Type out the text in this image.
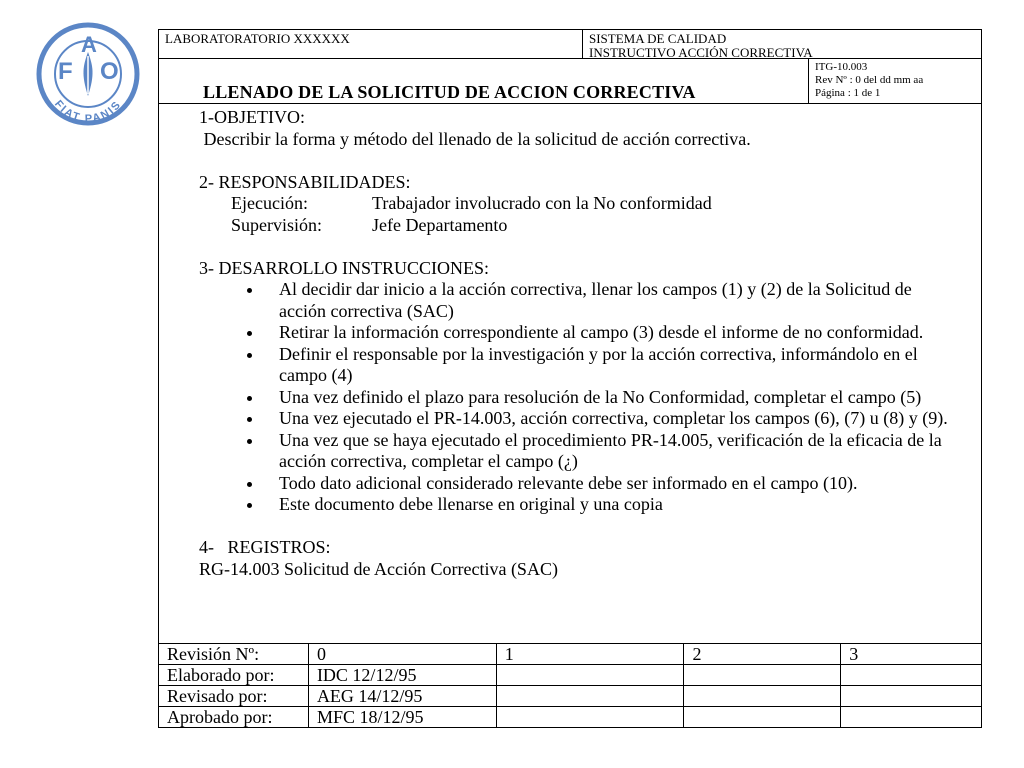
F
A
O
FIAT PANIS
LABORATORATORIO XXXXXX	SISTEMA DE CALIDAD
INSTRUCTIVO ACCIÓN CORRECTIVA
LLENADO DE LA SOLICITUD DE ACCION CORRECTIVA
ITG-10.003
Rev Nº : 0 del dd mm aa
Página : 1 de 1

1-OBJETIVO:

Describir la forma y método del llenado de la solicitud de acción correctiva.

2- RESPONSABILIDADES:

Ejecución:	Trabajador involucrado con la No conformidad
Supervisión:	Jefe Departamento

3- DESARROLLO INSTRUCCIONES:

Al decidir dar inicio a la acción correctiva, llenar los campos (1) y (2) de la Solicitud de acción correctiva (SAC)
Retirar la información correspondiente al campo (3) desde el informe de no conformidad.
Definir el responsable por la investigación y por la acción correctiva, informándolo en el campo (4)
Una vez definido el plazo para resolución de la No Conformidad, completar el campo (5)
Una vez ejecutado el PR-14.003, acción correctiva, completar los campos (6), (7) u (8) y (9).
Una vez que se haya ejecutado el procedimiento PR-14.005, verificación de la eficacia de la acción correctiva, completar el campo (¿)
Todo dato adicional considerado relevante debe ser informado en el campo (10).
Este documento debe llenarse en original y una copia

4-   REGISTROS:

RG-14.003 Solicitud de Acción Correctiva (SAC)

Revisión Nº:	0	1	2	3
Elaborado por:	IDC 12/12/95			
Revisado por:	AEG 14/12/95			
Aprobado por:	MFC 18/12/95			
